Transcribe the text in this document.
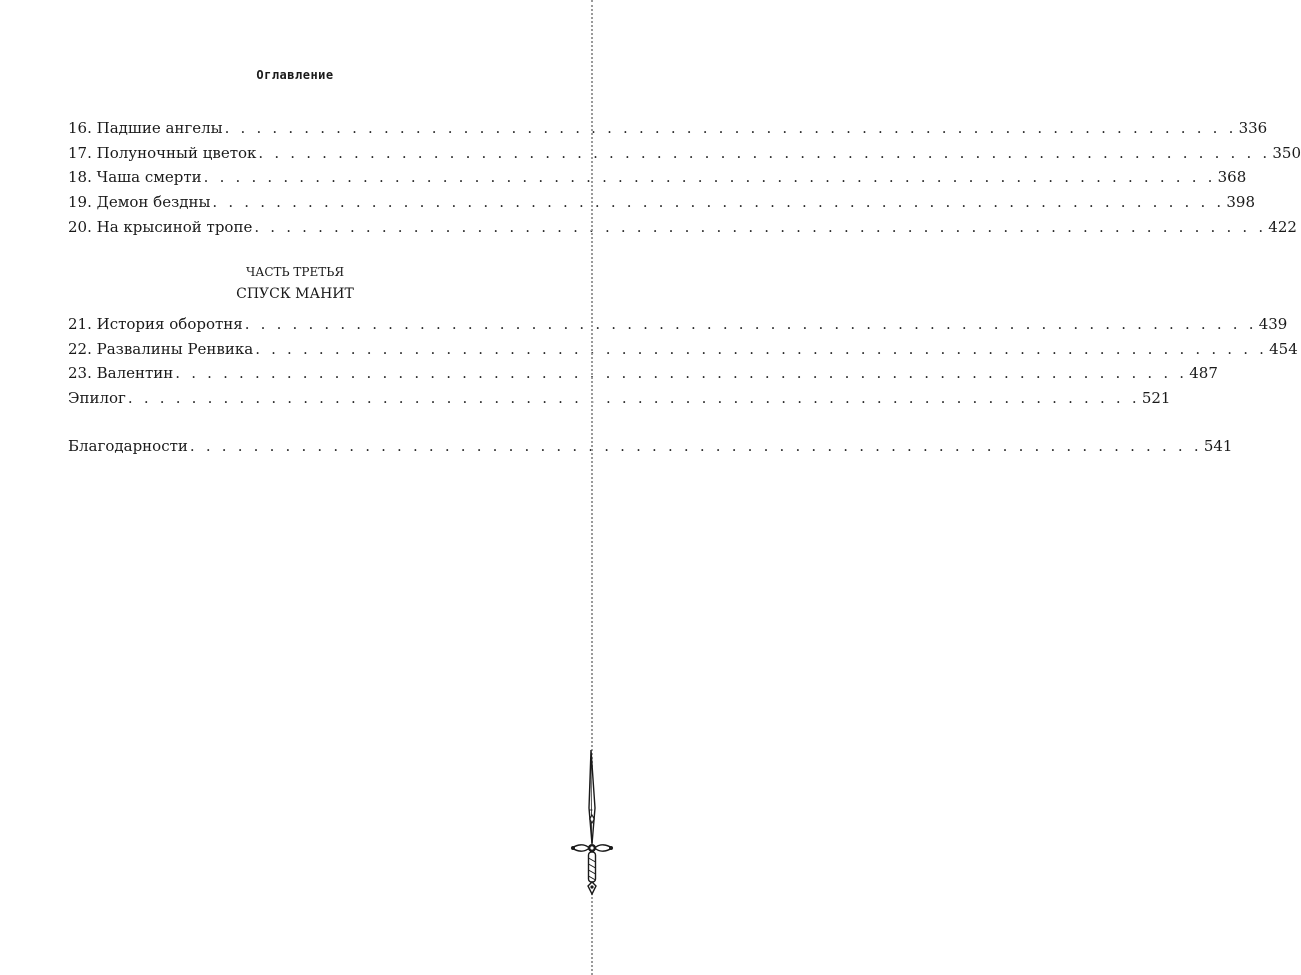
Оглавление
16. Падшие ангелы . . . . . . . . . . . . . . . . . . . . . . . . . . . . . . . . . . . . . . . . . . . . . . . . . . . . . . . . . . . . . . . . 336
17. Полуночный цветок . . . . . . . . . . . . . . . . . . . . . . . . . . . . . . . . . . . . . . . . . . . . . . . . . . . . . . . . . . . . . . . . 350
18. Чаша смерти . . . . . . . . . . . . . . . . . . . . . . . . . . . . . . . . . . . . . . . . . . . . . . . . . . . . . . . . . . . . . . . . 368
19. Демон бездны . . . . . . . . . . . . . . . . . . . . . . . . . . . . . . . . . . . . . . . . . . . . . . . . . . . . . . . . . . . . . . . . 398
20. На крысиной тропе . . . . . . . . . . . . . . . . . . . . . . . . . . . . . . . . . . . . . . . . . . . . . . . . . . . . . . . . . . . . . . . . 422
ЧАСТЬ ТРЕТЬЯ
СПУСК МАНИТ
21. История оборотня . . . . . . . . . . . . . . . . . . . . . . . . . . . . . . . . . . . . . . . . . . . . . . . . . . . . . . . . . . . . . . . . 439
22. Развалины Ренвика . . . . . . . . . . . . . . . . . . . . . . . . . . . . . . . . . . . . . . . . . . . . . . . . . . . . . . . . . . . . . . . . 454
23. Валентин . . . . . . . . . . . . . . . . . . . . . . . . . . . . . . . . . . . . . . . . . . . . . . . . . . . . . . . . . . . . . . . . 487
Эпилог . . . . . . . . . . . . . . . . . . . . . . . . . . . . . . . . . . . . . . . . . . . . . . . . . . . . . . . . . . . . . . . . 521
Благодарности . . . . . . . . . . . . . . . . . . . . . . . . . . . . . . . . . . . . . . . . . . . . . . . . . . . . . . . . . . . . . . . . 541
